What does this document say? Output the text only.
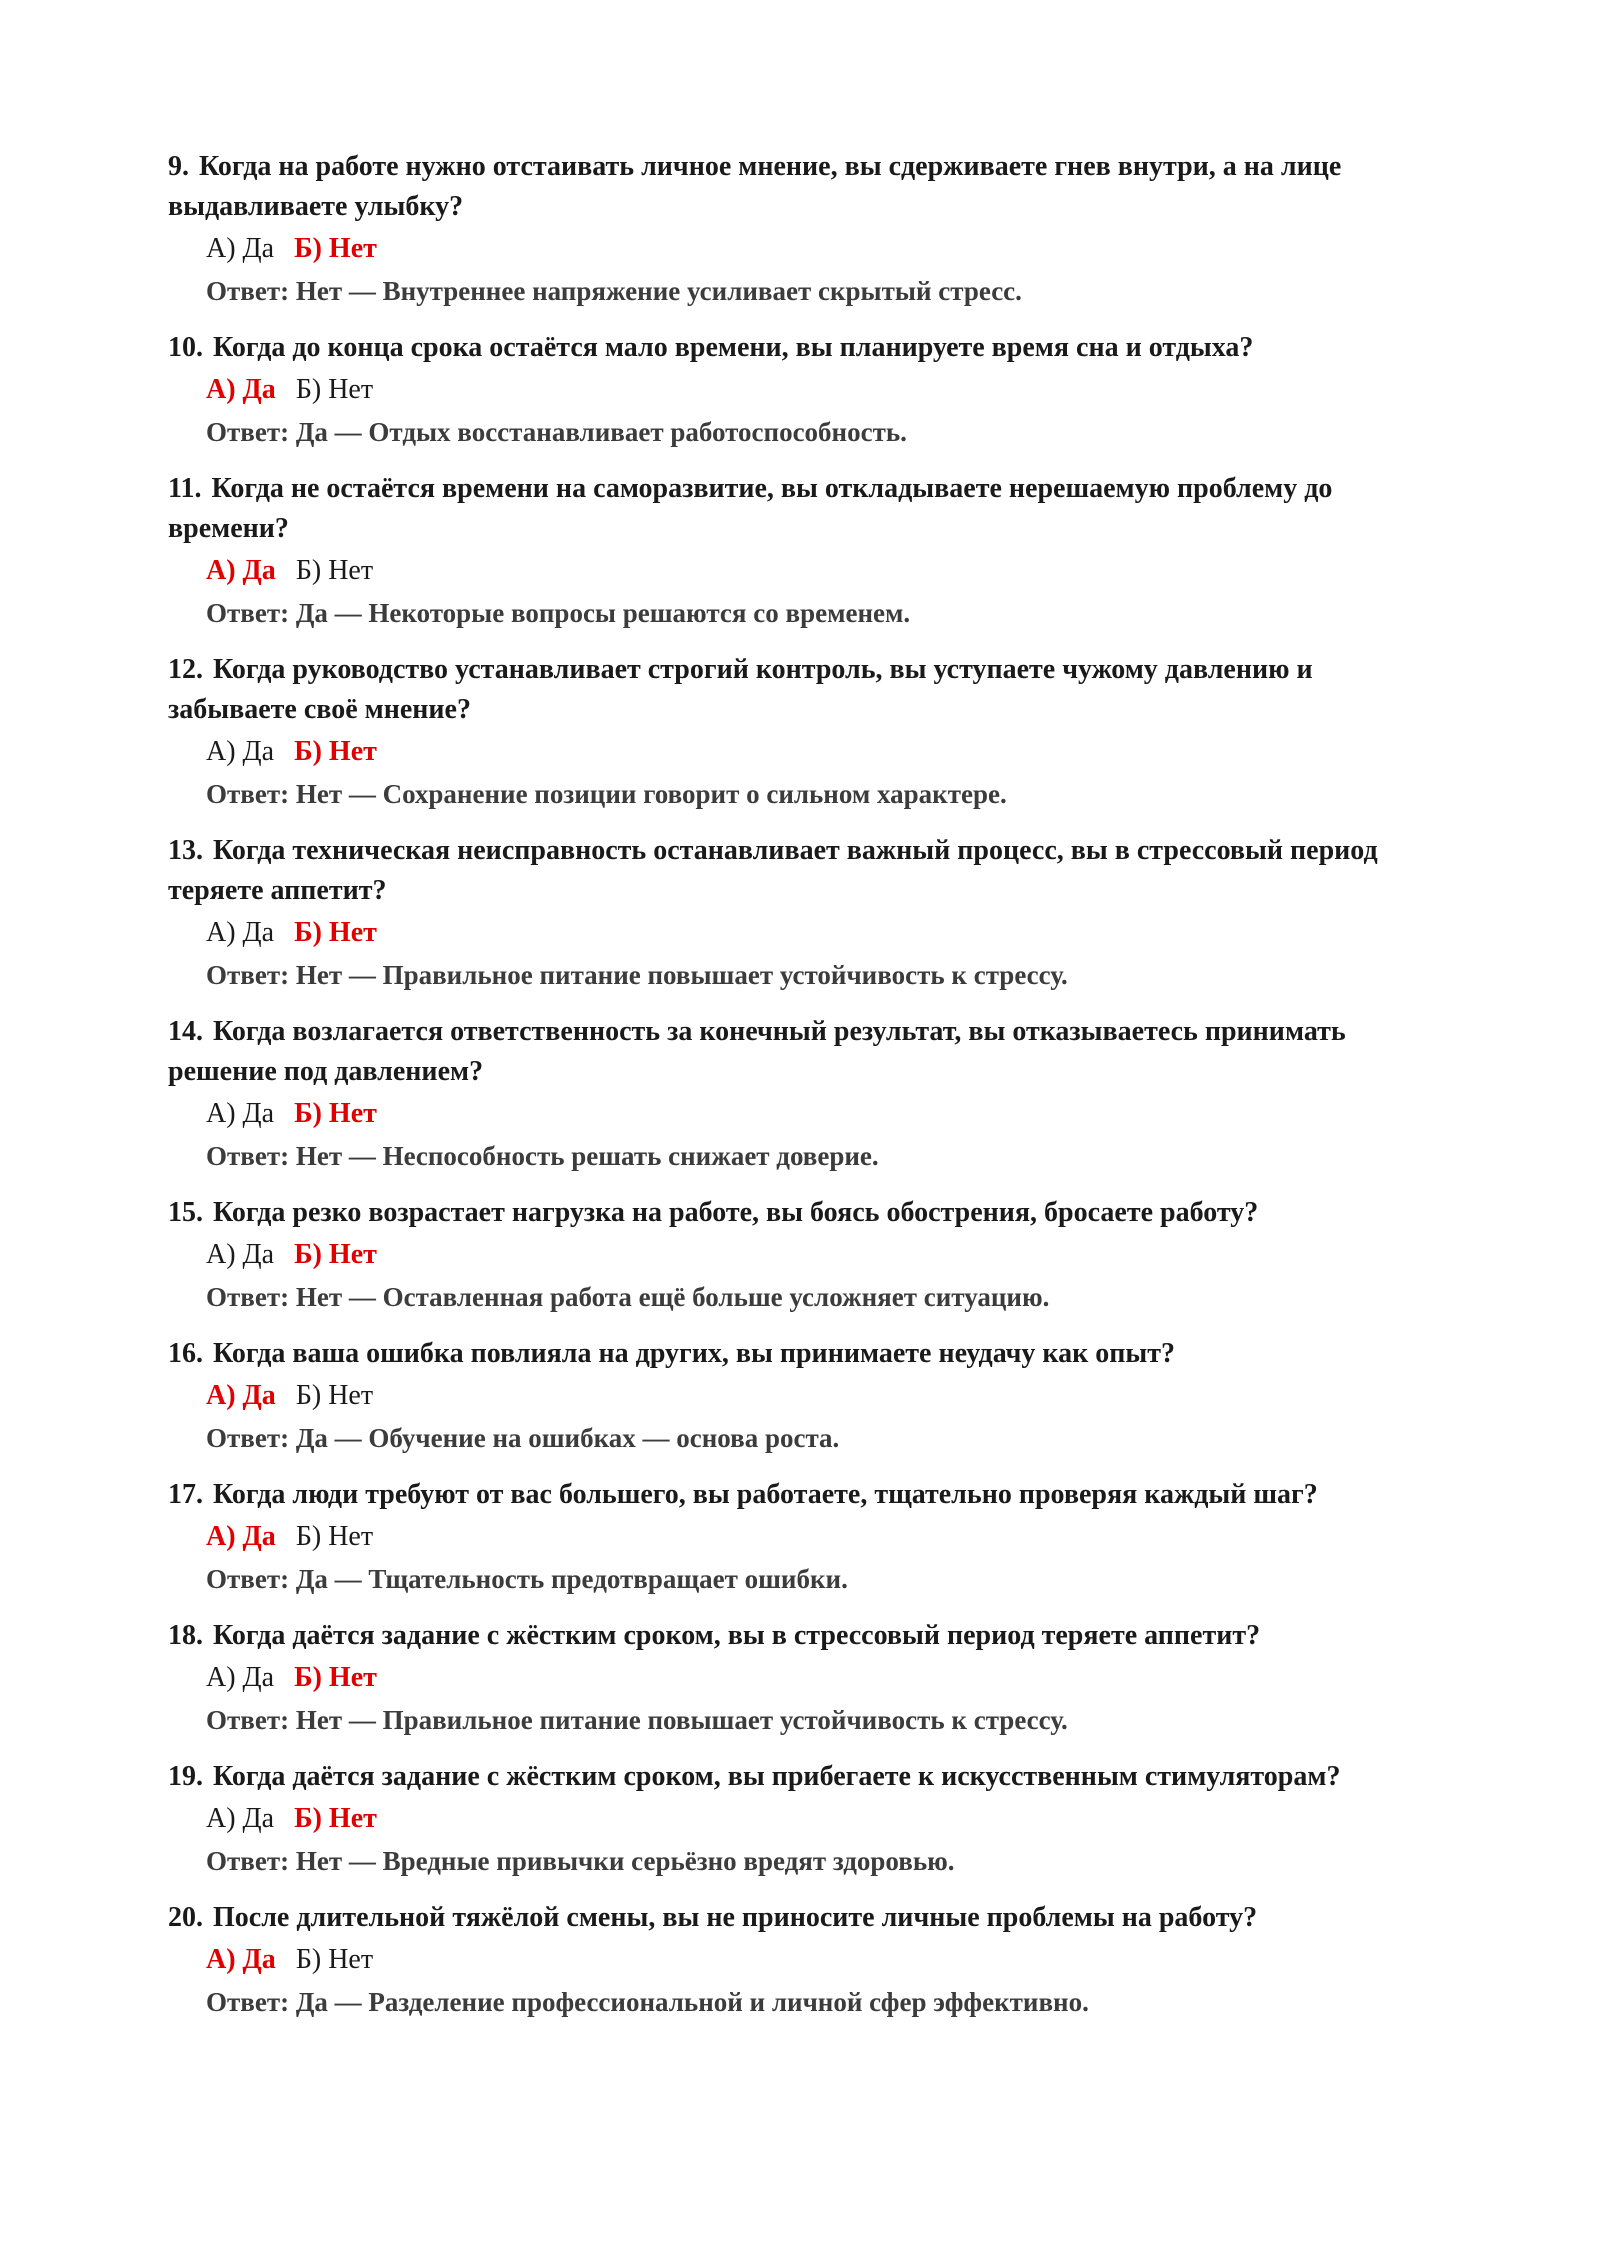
9. Когда на работе нужно отстаивать личное мнение, вы сдерживаете гнев внутри, а на лице выдавливаете улыбку?

А) Да Б) Нет
Ответ: Нет — Внутреннее напряжение усиливает скрытый стресс.

10. Когда до конца срока остаётся мало времени, вы планируете время сна и отдыха?

А) Да Б) Нет
Ответ: Да — Отдых восстанавливает работоспособность.

11. Когда не остаётся времени на саморазвитие, вы откладываете нерешаемую проблему до времени?

А) Да Б) Нет
Ответ: Да — Некоторые вопросы решаются со временем.

12. Когда руководство устанавливает строгий контроль, вы уступаете чужому давлению и забываете своё мнение?

А) Да Б) Нет
Ответ: Нет — Сохранение позиции говорит о сильном характере.

13. Когда техническая неисправность останавливает важный процесс, вы в стрессовый период теряете аппетит?

А) Да Б) Нет
Ответ: Нет — Правильное питание повышает устойчивость к стрессу.

14. Когда возлагается ответственность за конечный результат, вы отказываетесь принимать решение под давлением?

А) Да Б) Нет
Ответ: Нет — Неспособность решать снижает доверие.

15. Когда резко возрастает нагрузка на работе, вы боясь обострения, бросаете работу?

А) Да Б) Нет
Ответ: Нет — Оставленная работа ещё больше усложняет ситуацию.

16. Когда ваша ошибка повлияла на других, вы принимаете неудачу как опыт?

А) Да Б) Нет
Ответ: Да — Обучение на ошибках — основа роста.

17. Когда люди требуют от вас большего, вы работаете, тщательно проверяя каждый шаг?

А) Да Б) Нет
Ответ: Да — Тщательность предотвращает ошибки.

18. Когда даётся задание с жёстким сроком, вы в стрессовый период теряете аппетит?

А) Да Б) Нет
Ответ: Нет — Правильное питание повышает устойчивость к стрессу.

19. Когда даётся задание с жёстким сроком, вы прибегаете к искусственным стимуляторам?

А) Да Б) Нет
Ответ: Нет — Вредные привычки серьёзно вредят здоровью.

20. После длительной тяжёлой смены, вы не приносите личные проблемы на работу?

А) Да Б) Нет
Ответ: Да — Разделение профессиональной и личной сфер эффективно.
